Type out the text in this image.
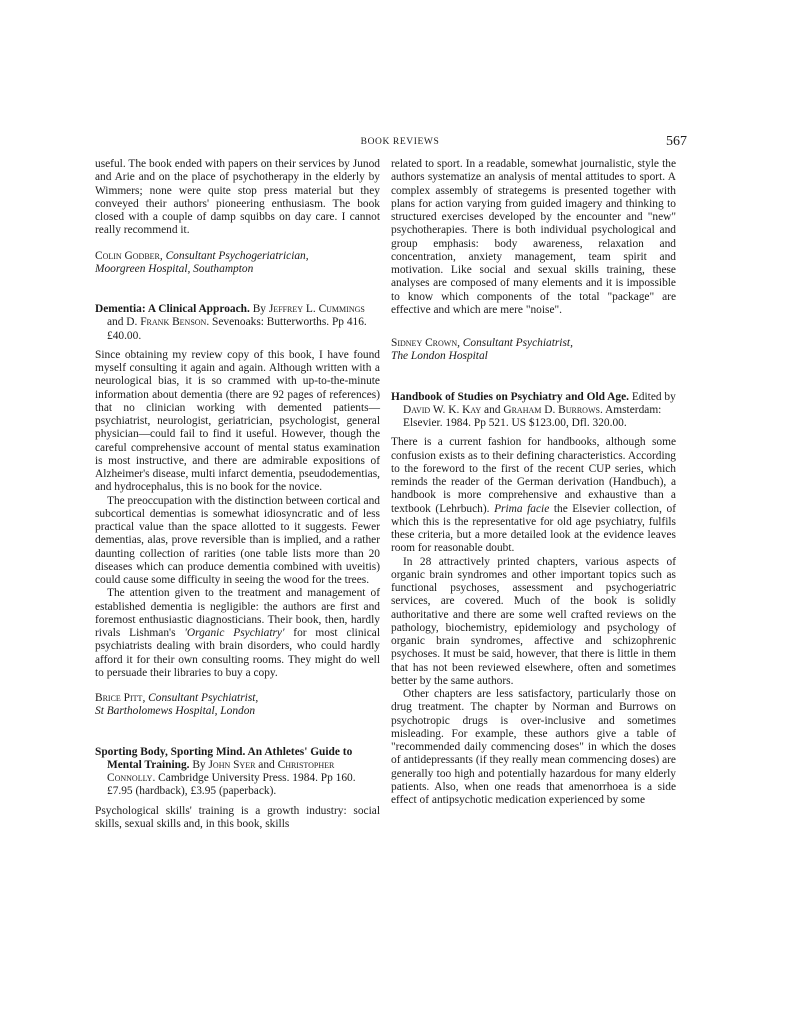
BOOK REVIEWS	567

useful. The book ended with papers on their services by Junod and Arie and on the place of psychotherapy in the elderly by Wimmers; none were quite stop press material but they conveyed their authors' pioneering enthusiasm. The book closed with a couple of damp squibbs on day care. I cannot really recommend it.

Colin Godber, Consultant Psychogeriatrician,
Moorgreen Hospital, Southampton

Dementia: A Clinical Approach. By Jeffrey L. Cummings and D. Frank Benson. Sevenoaks: Butterworths. Pp 416. £40.00.

Since obtaining my review copy of this book, I have found myself consulting it again and again. Although written with a neurological bias, it is so crammed with up-to-the-minute information about dementia (there are 92 pages of references) that no clinician working with demented patients—psychiatrist, neurologist, geriatrician, psychologist, general physician—could fail to find it useful. However, though the careful comprehensive account of mental status examination is most instructive, and there are admirable expositions of Alzheimer's disease, multi infarct dementia, pseudodementias, and hydrocephalus, this is no book for the novice.

The preoccupation with the distinction between cortical and subcortical dementias is somewhat idiosyncratic and of less practical value than the space allotted to it suggests. Fewer dementias, alas, prove reversible than is implied, and a rather daunting collection of rarities (one table lists more than 20 diseases which can produce dementia combined with uveitis) could cause some difficulty in seeing the wood for the trees.

The attention given to the treatment and management of established dementia is negligible: the authors are first and foremost enthusiastic diagnosticians. Their book, then, hardly rivals Lishman's 'Organic Psychiatry' for most clinical psychiatrists dealing with brain disorders, who could hardly afford it for their own consulting rooms. They might do well to persuade their libraries to buy a copy.

Brice Pitt, Consultant Psychiatrist,
St Bartholomews Hospital, London

Sporting Body, Sporting Mind. An Athletes' Guide to Mental Training. By John Syer and Christopher Connolly. Cambridge University Press. 1984. Pp 160. £7.95 (hardback), £3.95 (paperback).

Psychological skills' training is a growth industry: social skills, sexual skills and, in this book, skills

related to sport. In a readable, somewhat journalistic, style the authors systematize an analysis of mental attitudes to sport. A complex assembly of strategems is presented together with plans for action varying from guided imagery and thinking to structured exercises developed by the encounter and "new" psychotherapies. There is both individual psychological and group emphasis: body awareness, relaxation and concentration, anxiety management, team spirit and motivation. Like social and sexual skills training, these analyses are composed of many elements and it is impossible to know which components of the total "package" are effective and which are mere "noise".

Sidney Crown, Consultant Psychiatrist,
The London Hospital

Handbook of Studies on Psychiatry and Old Age. Edited by David W. K. Kay and Graham D. Burrows. Amsterdam: Elsevier. 1984. Pp 521. US $123.00, Dfl. 320.00.

There is a current fashion for handbooks, although some confusion exists as to their defining characteristics. According to the foreword to the first of the recent CUP series, which reminds the reader of the German derivation (Handbuch), a handbook is more comprehensive and exhaustive than a textbook (Lehrbuch). Prima facie the Elsevier collection, of which this is the representative for old age psychiatry, fulfils these criteria, but a more detailed look at the evidence leaves room for reasonable doubt.

In 28 attractively printed chapters, various aspects of organic brain syndromes and other important topics such as functional psychoses, assessment and psychogeriatric services, are covered. Much of the book is solidly authoritative and there are some well crafted reviews on the pathology, biochemistry, epidemiology and psychology of organic brain syndromes, affective and schizophrenic psychoses. It must be said, however, that there is little in them that has not been reviewed elsewhere, often and sometimes better by the same authors.

Other chapters are less satisfactory, particularly those on drug treatment. The chapter by Norman and Burrows on psychotropic drugs is over-inclusive and sometimes misleading. For example, these authors give a table of "recommended daily commencing doses" in which the doses of antidepressants (if they really mean commencing doses) are generally too high and potentially hazardous for many elderly patients. Also, when one reads that amenorrhoea is a side effect of antipsychotic medication experienced by some
